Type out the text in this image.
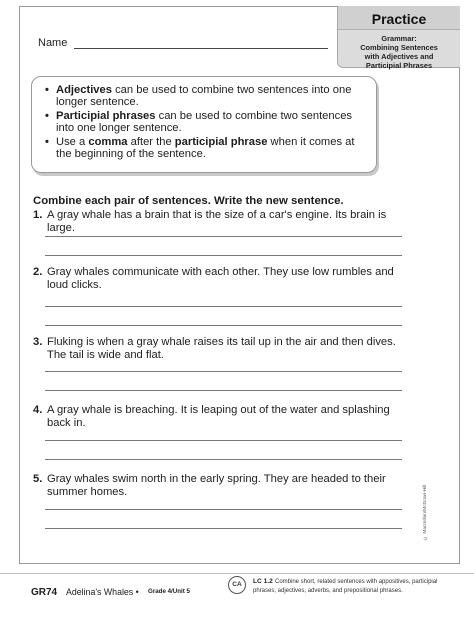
Practice
Grammar:
Combining Sentences
with Adjectives and
Participial Phrases
Name
• Adjectives can be used to combine two sentences into one longer sentence.
• Participial phrases can be used to combine two sentences into one longer sentence.
• Use a comma after the participial phrase when it comes at the beginning of the sentence.
Combine each pair of sentences. Write the new sentence.
1. A gray whale has a brain that is the size of a car's engine. Its brain is large.
2. Gray whales communicate with each other. They use low rumbles and loud clicks.
3. Fluking is when a gray whale raises its tail up in the air and then dives. The tail is wide and flat.
4. A gray whale is breaching. It is leaping out of the water and splashing back in.
5. Gray whales swim north in the early spring. They are headed to their summer homes.	© Macmillan/McGraw-Hill
GR74 Adelina's Whales • Grade 4/Unit 5
CA	LC 1.2 Combine short, related sentences with appositives, participial phrases, adjectives, adverbs, and prepositional phrases.
